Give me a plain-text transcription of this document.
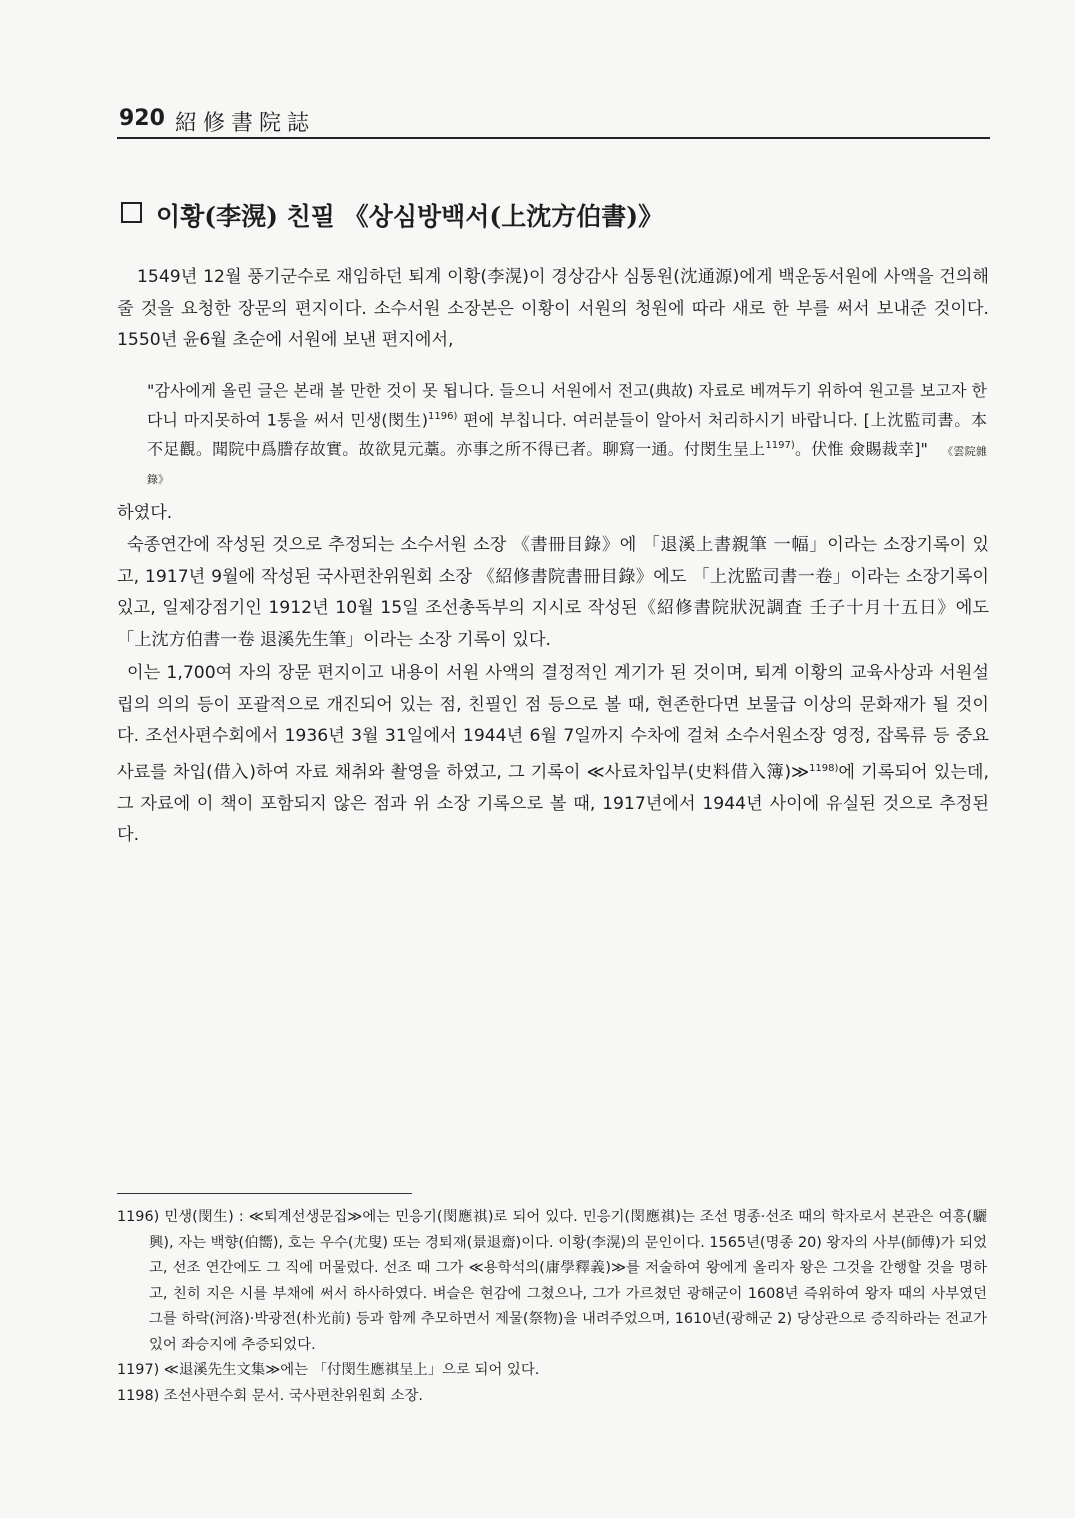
920 紹修書院誌
이황(李滉) 친필 《상심방백서(上沈方伯書)》

1549년 12월 풍기군수로 재임하던 퇴계 이황(李滉)이 경상감사 심통원(沈通源)에게 백운동서원에 사액을 건의해줄 것을 요청한 장문의 편지이다. 소수서원 소장본은 이황이 서원의 청원에 따라 새로 한 부를 써서 보내준 것이다. 1550년 윤6월 초순에 서원에 보낸 편지에서,

"감사에게 올린 글은 본래 볼 만한 것이 못 됩니다. 들으니 서원에서 전고(典故) 자료로 베껴두기 위하여 원고를 보고자 한다니 마지못하여 1통을 써서 민생(閔生)$^{1196)}$ 편에 부칩니다. 여러분들이 알아서 처리하시기 바랍니다. [上沈監司書。本不足觀。聞院中爲謄存故實。故欲見元藁。亦事之所不得已者。聊寫一通。付閔生呈上$^{1197)}$。伏惟 僉賜裁幸]" 《雲院雜錄》

하였다.

숙종연간에 작성된 것으로 추정되는 소수서원 소장 《書冊目錄》에 「退溪上書親筆 一幅」이라는 소장기록이 있고, 1917년 9월에 작성된 국사편찬위원회 소장 《紹修書院書冊目錄》에도 「上沈監司書一卷」이라는 소장기록이 있고, 일제강점기인 1912년 10월 15일 조선총독부의 지시로 작성된《紹修書院狀況調査 壬子十月十五日》에도 「上沈方伯書一卷 退溪先生筆」이라는 소장 기록이 있다.

이는 1,700여 자의 장문 편지이고 내용이 서원 사액의 결정적인 계기가 된 것이며, 퇴계 이황의 교육사상과 서원설립의 의의 등이 포괄적으로 개진되어 있는 점, 친필인 점 등으로 볼 때, 현존한다면 보물급 이상의 문화재가 될 것이다. 조선사편수회에서 1936년 3월 31일에서 1944년 6월 7일까지 수차에 걸쳐 소수서원소장 영정, 잡록류 등 중요 사료를 차입(借入)하여 자료 채취와 촬영을 하였고, 그 기록이 ≪사료차입부(史料借入簿)≫$^{1198)}$에 기록되어 있는데, 그 자료에 이 책이 포함되지 않은 점과 위 소장 기록으로 볼 때, 1917년에서 1944년 사이에 유실된 것으로 추정된다.

1196) 민생(閔生) : ≪퇴계선생문집≫에는 민응기(閔應祺)로 되어 있다. 민응기(閔應祺)는 조선 명종·선조 때의 학자로서 본관은 여흥(驪興), 자는 백향(伯嚮), 호는 우수(尤叟) 또는 경퇴재(景退齋)이다. 이황(李滉)의 문인이다. 1565년(명종 20) 왕자의 사부(師傅)가 되었고, 선조 연간에도 그 직에 머물렀다. 선조 때 그가 ≪용학석의(庸學釋義)≫를 저술하여 왕에게 올리자 왕은 그것을 간행할 것을 명하고, 친히 지은 시를 부채에 써서 하사하였다. 벼슬은 현감에 그쳤으나, 그가 가르쳤던 광해군이 1608년 즉위하여 왕자 때의 사부였던 그를 하락(河洛)·박광전(朴光前) 등과 함께 추모하면서 제물(祭物)을 내려주었으며, 1610년(광해군 2) 당상관으로 증직하라는 전교가 있어 좌승지에 추증되었다.

1197) ≪退溪先生文集≫에는 「付閔生應祺呈上」으로 되어 있다.

1198) 조선사편수회 문서. 국사편찬위원회 소장.
